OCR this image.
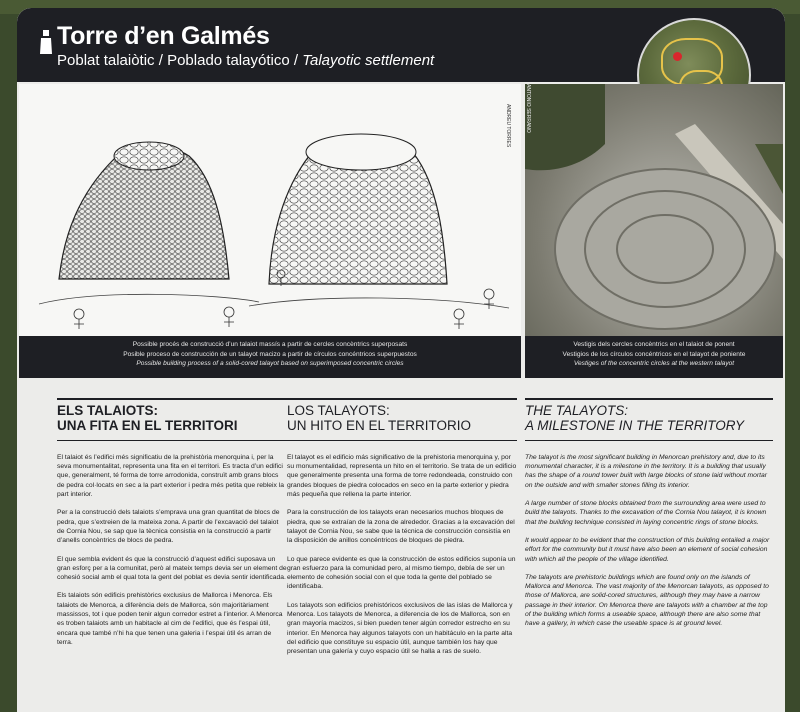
Torre d’en Galmés
Poblat talaiòtic / Poblado talayótico / Talayotic settlement
ANDREU TORRES	ANTONIO SERRANO
Possible procés de construcció d’un talaiot massís a partir de cercles concèntrics superposats
Posible proceso de construcción de un talayot macizo a partir de círculos concéntricos superpuestos
Possible building process of a solid-cored talayot based on superimposed concentric circles
Vestigis dels cercles concèntrics en el talaiot de ponent
Vestigios de los círculos concéntricos en el talayot de poniente
Vestiges of the concentric circles at the western talayot
ELS TALAIOTS:
UNA FITA EN EL TERRITORI

El talaiot és l’edifici més significatiu de la prehistòria menorquina i, per la seva monumentalitat, representa una fita en el territori. Es tracta d’un edifici que, generalment, té forma de torre arrodonida, construït amb grans blocs de pedra col·locats en sec a la part exterior i pedra més petita que rebleix la part interior.

Per a la construcció dels talaiots s’emprava una gran quantitat de blocs de pedra, que s’extreien de la mateixa zona. A partir de l’excavació del talaiot de Cornia Nou, se sap que la tècnica consistia en la construcció a partir d’anells concèntrics de blocs de pedra.

El que sembla evident és que la construcció d’aquest edifici suposava un gran esforç per a la comunitat, però al mateix temps devia ser un element de cohesió social amb el qual tota la gent del poblat es devia sentir identificada.

Els talaiots són edificis prehistòrics exclusius de Mallorca i Menorca. Els talaiots de Menorca, a diferència dels de Mallorca, són majoritàriament massissos, tot i que poden tenir algun corredor estret a l’interior. A Menorca es troben talaiots amb un habitacle al cim de l’edifici, que és l’espai útil, encara que també n’hi ha que tenen una galeria i l’espai útil és arran de terra.

LOS TALAYOTS:
UN HITO EN EL TERRITORIO

El talayot es el edificio más significativo de la prehistoria menorquina y, por su monumentalidad, representa un hito en el territorio. Se trata de un edificio que generalmente presenta una forma de torre redondeada, construido con grandes bloques de piedra colocados en seco en la parte exterior y piedra más pequeña que rellena la parte interior.

Para la construcción de los talayots eran necesarios muchos bloques de piedra, que se extraían de la zona de alrededor. Gracias a la excavación del talayot de Cornia Nou, se sabe que la técnica de construcción consistía en la disposición de anillos concéntricos de bloques de piedra.

Lo que parece evidente es que la construcción de estos edificios suponía un gran esfuerzo para la comunidad pero, al mismo tiempo, debía de ser un elemento de cohesión social con el que toda la gente del poblado se identificaba.

Los talayots son edificios prehistóricos exclusivos de las islas de Mallorca y Menorca. Los talayots de Menorca, a diferencia de los de Mallorca, son en gran mayoría macizos, si bien pueden tener algún corredor estrecho en su interior. En Menorca hay algunos talayots con un habitáculo en la parte alta del edificio que constituye su espacio útil, aunque también los hay que presentan una galería y cuyo espacio útil se halla a ras de suelo.

THE TALAYOTS:
A MILESTONE IN THE TERRITORY

The talayot is the most significant building in Menorcan prehistory and, due to its monumental character, it is a milestone in the territory. It is a building that usually has the shape of a round tower built with large blocks of stone laid without mortar on the outside and with smaller stones filling its interior.

A large number of stone blocks obtained from the surrounding area were used to build the talayots. Thanks to the excavation of the Cornia Nou talayot, it is known that the building technique consisted in laying concentric rings of stone blocks.

It would appear to be evident that the construction of this building entailed a major effort for the community but it must have also been an element of social cohesion with which all the people of the village identified.

The talayots are prehistoric buildings which are found only on the islands of Mallorca and Menorca. The vast majority of the Menorcan talayots, as opposed to those of Mallorca, are solid-cored structures, although they may have a narrow passage in their interior. On Menorca there are talayots with a chamber at the top of the building which forms a useable space, although there are also some that have a gallery, in which case the useable space is at ground level.
